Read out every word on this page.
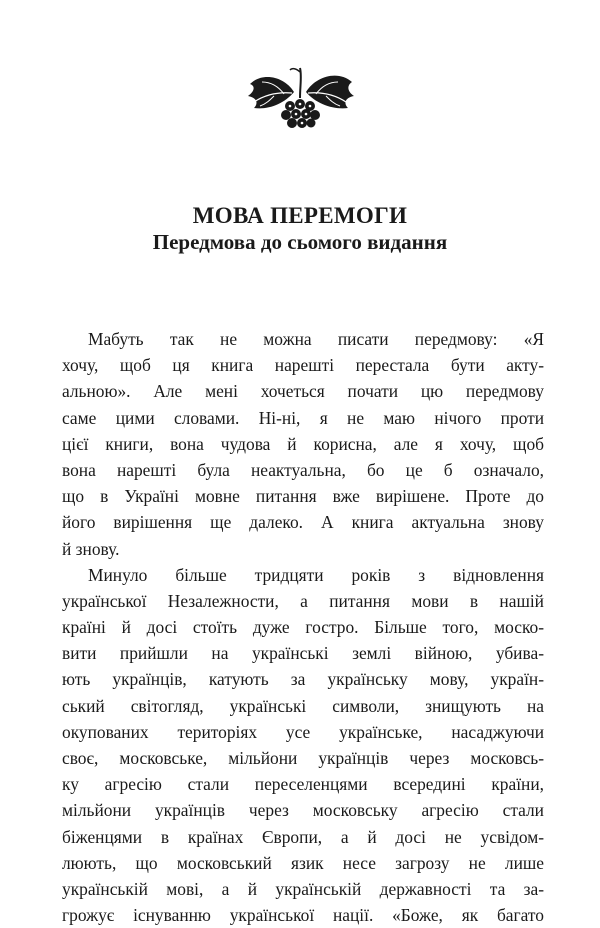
МОВА ПЕРЕМОГИ
Передмова до сьомого видання
Мабуть так не можна писати передмову: «Я
хочу, щоб ця книга нарешті перестала бути акту-
альною». Але мені хочеться почати цю передмову
саме цими словами. Ні-ні, я не маю нічого проти
цієї книги, вона чудова й корисна, але я хочу, щоб
вона нарешті була неактуальна, бо це б означало,
що в Україні мовне питання вже вирішене. Проте до
його вирішення ще далеко. А книга актуальна знову
й знову.
Минуло більше тридцяти років з відновлення
української Незалежности, а питання мови в нашій
країні й досі стоїть дуже гостро. Більше того, моско-
вити прийшли на українські землі війною, убива-
ють українців, катують за українську мову, україн-
ський світогляд, українські символи, знищують на
окупованих територіях усе українське, насаджуючи
своє, московське, мільйони українців через московсь-
ку агресію стали переселенцями всередині країни,
мільйони українців через московську агресію стали
біженцями в країнах Європи, а й досі не усвідом-
люють, що московський язик несе загрозу не лише
українській мові, а й українській державності та за-
грожує існуванню української нації. «Боже, як багато
